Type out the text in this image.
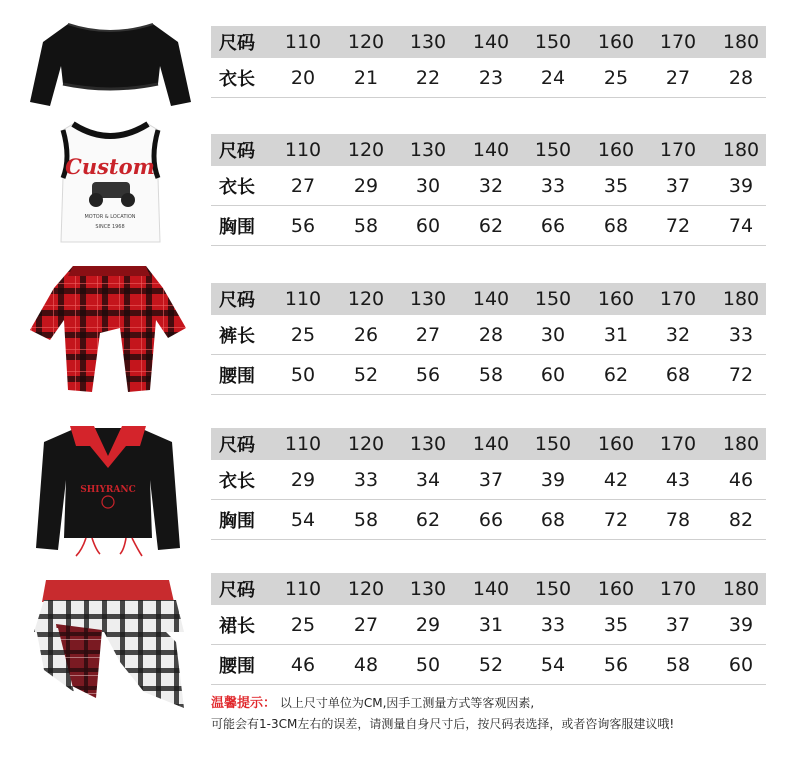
Custom
MOTOR & LOCATION
SINCE 1968
SHIYRANC
尺码	110	120	130	140	150	160	170	180
衣长	20	21	22	23	24	25	27	28
尺码	110	120	130	140	150	160	170	180
衣长	27	29	30	32	33	35	37	39
胸围	56	58	60	62	66	68	72	74
尺码	110	120	130	140	150	160	170	180
裤长	25	26	27	28	30	31	32	33
腰围	50	52	56	58	60	62	68	72
尺码	110	120	130	140	150	160	170	180
衣长	29	33	34	37	39	42	43	46
胸围	54	58	62	66	68	72	78	82
尺码	110	120	130	140	150	160	170	180
裙长	25	27	29	31	33	35	37	39
腰围	46	48	50	52	54	56	58	60
温馨提示： 以上尺寸单位为CM,因手工测量方式等客观因素,
可能会有1-3CM左右的误差，请测量自身尺寸后，按尺码表选择，或者咨询客服建议哦!
